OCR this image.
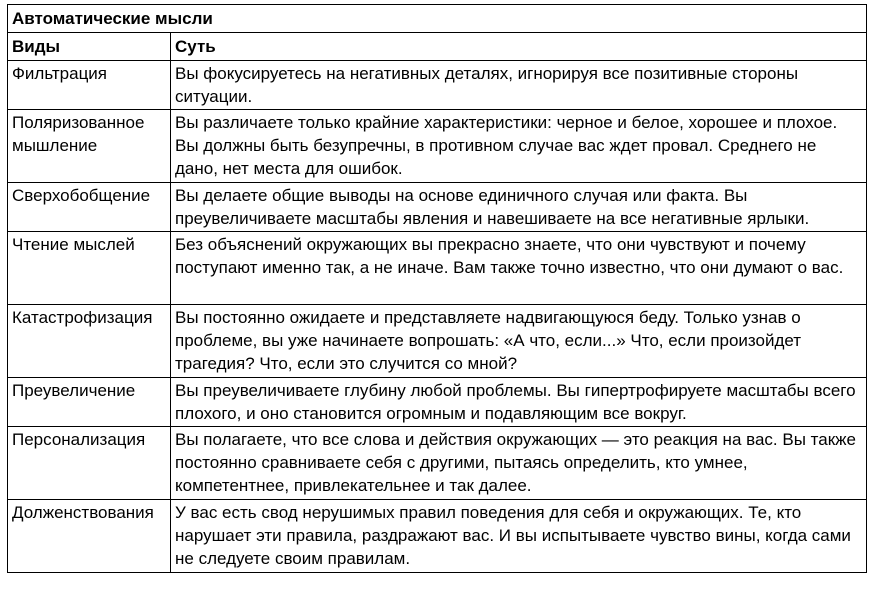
Автоматические мысли	
Виды	Суть
Фильтрация	Вы фокусируетесь на негативных деталях, игнорируя все позитивные стороны ситуации.
Поляризованное мышление	Вы различаете только крайние характеристики: черное и белое, хорошее и плохое. Вы должны быть безупречны, в противном случае вас ждет провал. Среднего не дано, нет места для ошибок.
Сверхобобщение	Вы делаете общие выводы на основе единичного случая или факта. Вы преувеличиваете масштабы явления и навешиваете на все негативные ярлыки.
Чтение мыслей	Без объяснений окружающих вы прекрасно знаете, что они чувствуют и почему поступают именно так, а не иначе. Вам также точно известно, что они думают о вас.
Катастрофизация	Вы постоянно ожидаете и представляете надвигающуюся беду. Только узнав о проблеме, вы уже начинаете вопрошать: «А что, если...» Что, если произойдет трагедия? Что, если это случится со мной?
Преувеличение	Вы преувеличиваете глубину любой проблемы. Вы гипертрофируете масштабы всего плохого, и оно становится огромным и подавляющим все вокруг.
Персонализация	Вы полагаете, что все слова и действия окружающих — это реакция на вас. Вы также постоянно сравниваете себя с другими, пытаясь определить, кто умнее, компетентнее, привлекательнее и так далее.
Долженствования	У вас есть свод нерушимых правил поведения для себя и окружающих. Те, кто нарушает эти правила, раздражают вас. И вы испытываете чувство вины, когда сами не следуете своим правилам.
